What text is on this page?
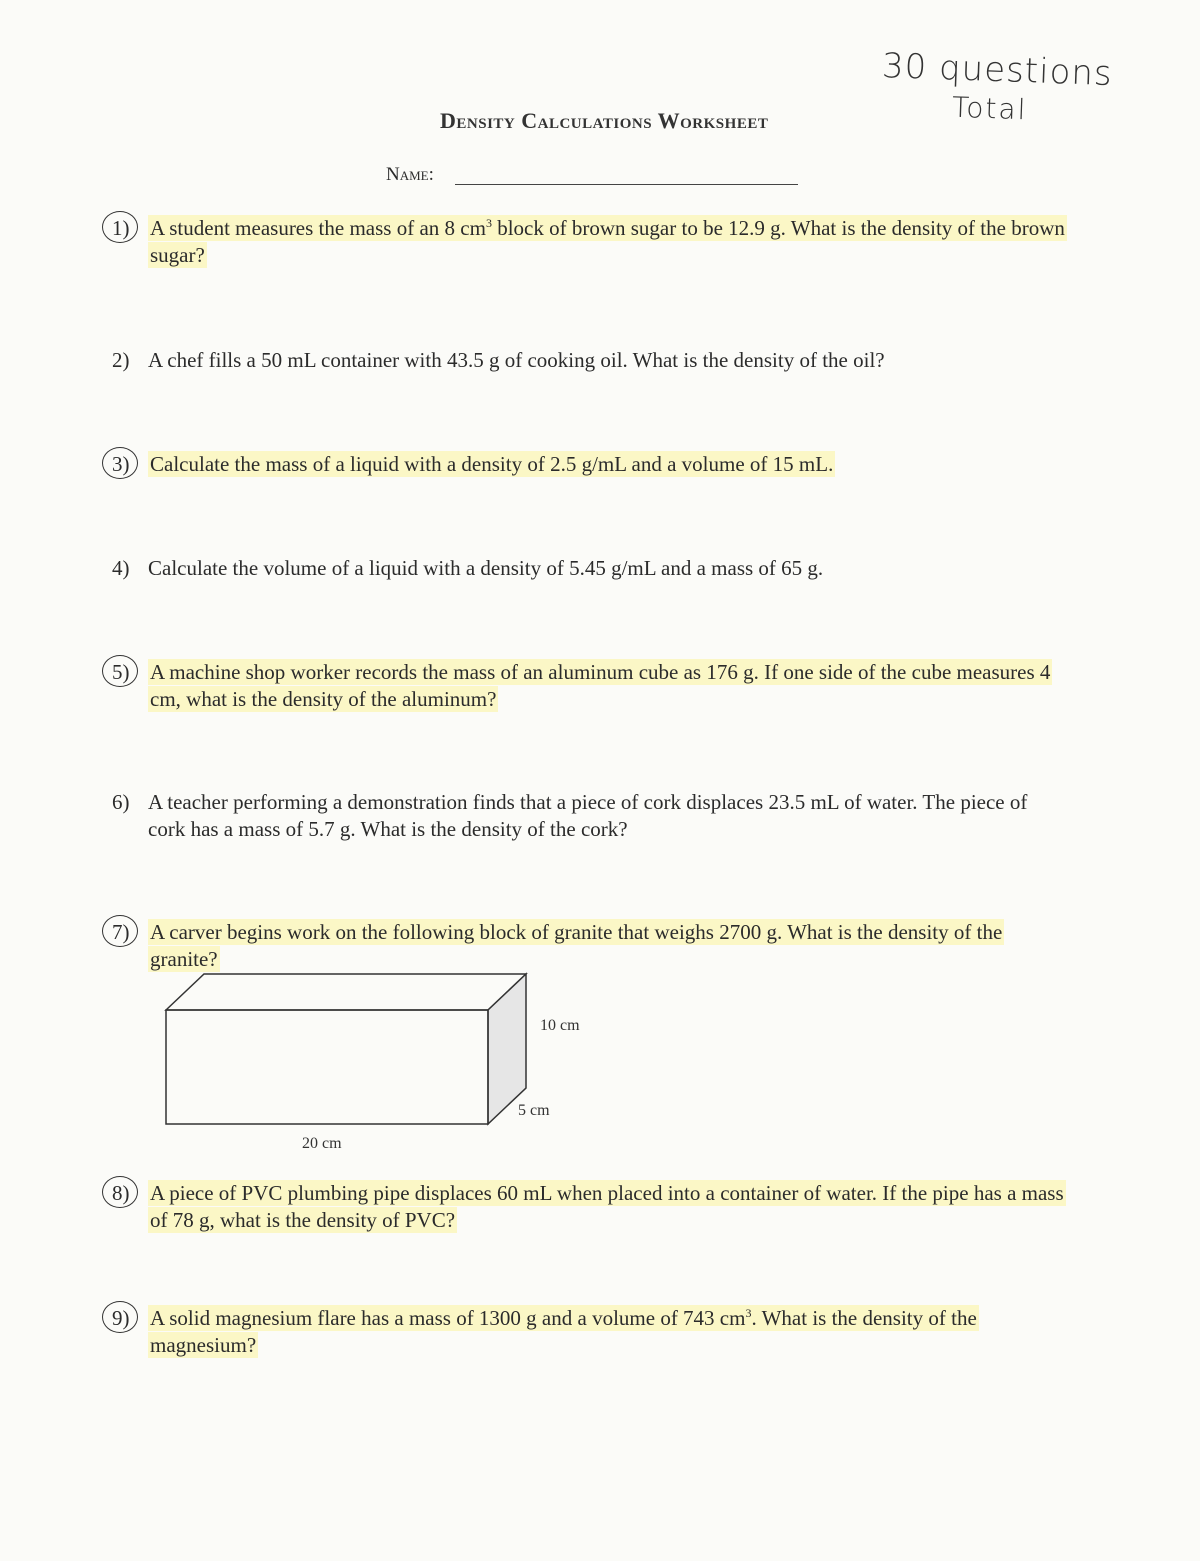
30 questions
Total
Density Calculations Worksheet
Name:
1) A student measures the mass of an 8 $cm^3$ block of brown sugar to be 12.9 g. What is the density of the brown sugar?
2) A chef fills a 50 mL container with 43.5 g of cooking oil. What is the density of the oil?
3) Calculate the mass of a liquid with a density of 2.5 g/mL and a volume of 15 mL.
4) Calculate the volume of a liquid with a density of 5.45 g/mL and a mass of 65 g.
5) A machine shop worker records the mass of an aluminum cube as 176 g. If one side of the cube measures 4 cm, what is the density of the aluminum?
6) A teacher performing a demonstration finds that a piece of cork displaces 23.5 mL of water. The piece of cork has a mass of 5.7 g. What is the density of the cork?
7) A carver begins work on the following block of granite that weighs 2700 g. What is the density of the granite?
10 cm
5 cm
20 cm
8) A piece of PVC plumbing pipe displaces 60 mL when placed into a container of water. If the pipe has a mass of 78 g, what is the density of PVC?
9) A solid magnesium flare has a mass of 1300 g and a volume of 743 $cm^3$. What is the density of the magnesium?
